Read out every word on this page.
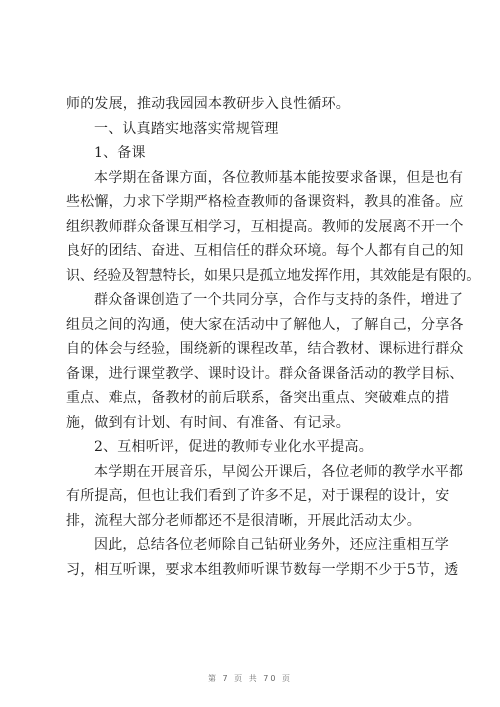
师的发展，推动我园园本教研步入良性循环。

一、认真踏实地落实常规管理

1、备课

本学期在备课方面，各位教师基本能按要求备课，但是也有
些松懈，力求下学期严格检查教师的备课资料，教具的准备。应
组织教师群众备课互相学习，互相提高。教师的发展离不开一个
良好的团结、奋进、互相信任的群众环境。每个人都有自己的知
识、经验及智慧特长，如果只是孤立地发挥作用，其效能是有限的。
群众备课创造了一个共同分享，合作与支持的条件，增进了
组员之间的沟通，使大家在活动中了解他人，了解自己，分享各
自的体会与经验，围绕新的课程改革，结合教材、课标进行群众
备课，进行课堂教学、课时设计。群众备课备活动的教学目标、
重点、难点，备教材的前后联系，备突出重点、突破难点的措
施，做到有计划、有时间、有准备、有记录。

2、互相听评，促进的教师专业化水平提高。

本学期在开展音乐，早阅公开课后，各位老师的教学水平都
有所提高，但也让我们看到了许多不足，对于课程的设计，安
排，流程大部分老师都还不是很清晰，开展此活动太少。

因此，总结各位老师除自己钻研业务外，还应注重相互学
习，相互听课，要求本组教师听课节数每一学期不少于5节，透

第 7 页 共 70 页
